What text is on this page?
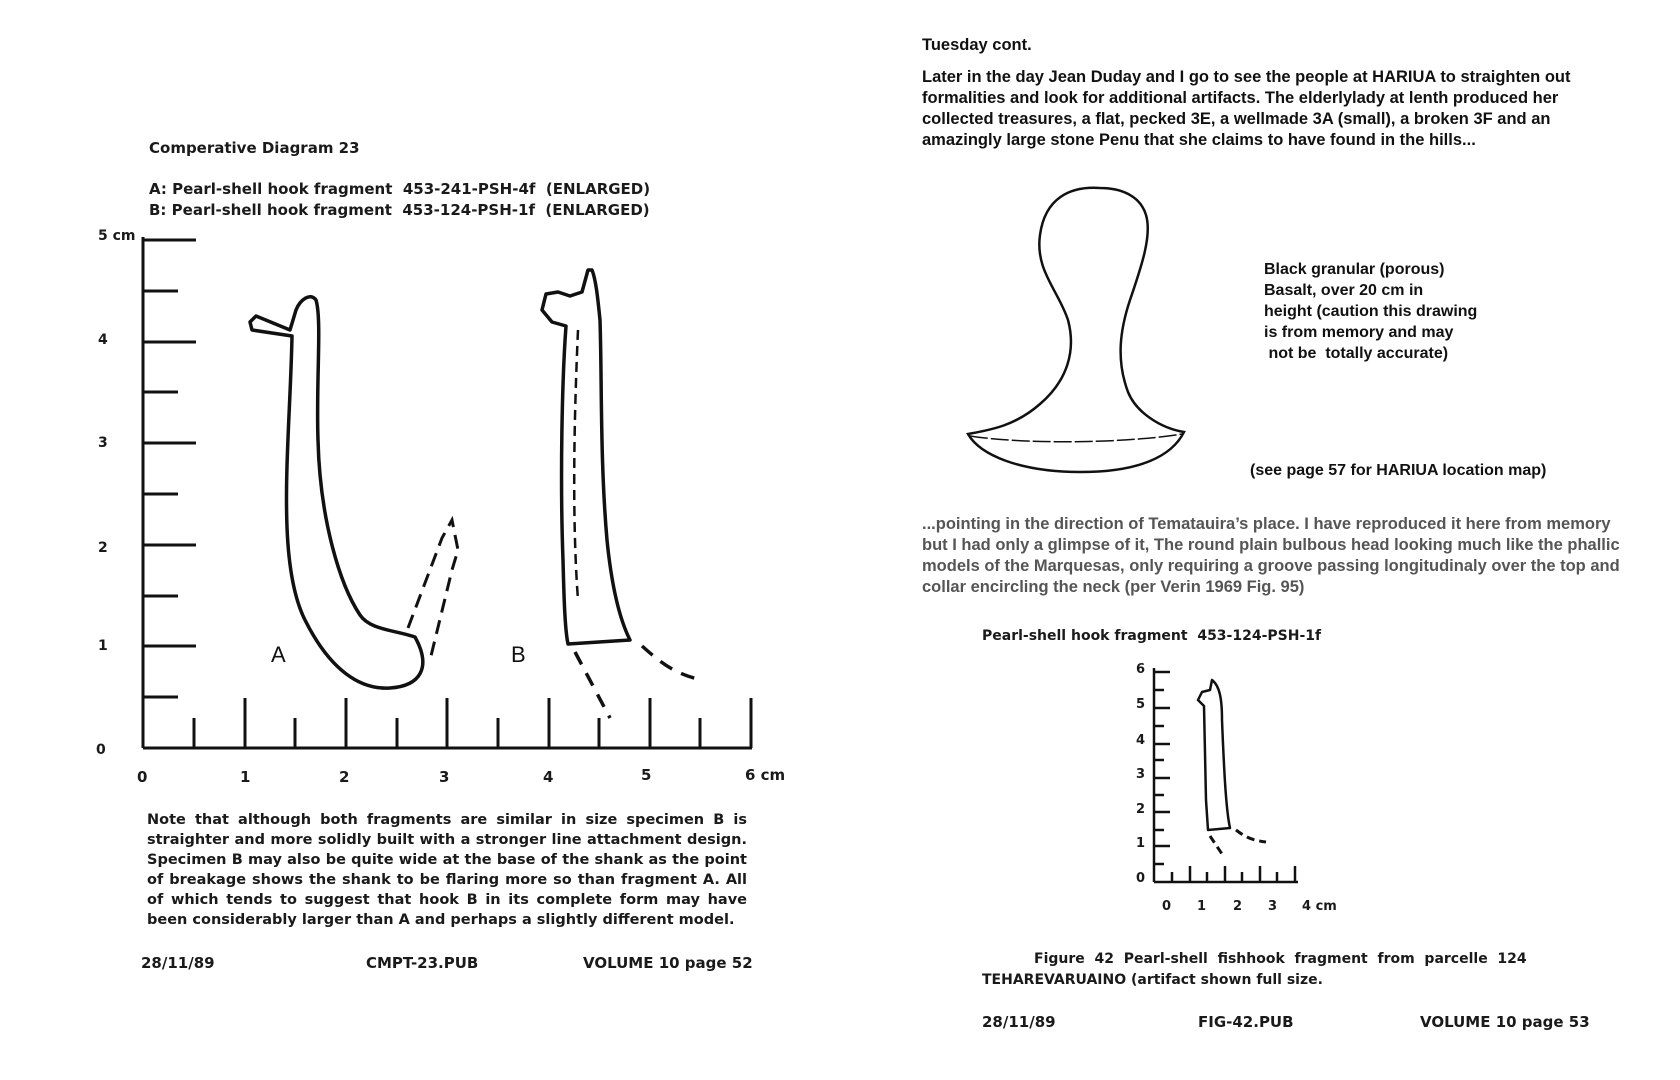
Comperative Diagram 23
A: Pearl-shell hook fragment  453-241-PSH-4f  (ENLARGED)
B: Pearl-shell hook fragment  453-124-PSH-1f  (ENLARGED)
5 cm
4
3
2
1
0
0	1	2	3	4	5	6 cm
A	B
Note that although both fragments are similar in size specimen B is straighter and more solidly built with a stronger line attachment design. Specimen B may also be quite wide at the base of the shank as the point of breakage shows the shank to be flaring more so than fragment A. All of which tends to suggest that hook B in its complete form may have been considerably larger than A and perhaps a slightly different model.
28/11/89	CMPT-23.PUB	VOLUME 10 page 52
Tuesday cont.
Later in the day Jean Duday and I go to see the people at HARIUA to straighten out formalities and look for additional artifacts. The elderlylady at lenth produced her collected treasures, a flat, pecked 3E, a wellmade 3A (small), a broken 3F and an amazingly large stone Penu that she claims to have found in the hills...
Black granular (porous)
Basalt, over 20 cm in
height (caution this drawing
is from memory and may
not be  totally accurate)
(see page 57 for HARIUA location map)
...pointing in the direction of Tematauira’s place. I have reproduced it here from memory but I had only a glimpse of it, The round plain bulbous head looking much like the phallic models of the Marquesas, only requiring a groove passing longitudinaly over the top and collar encircling the neck (per Verin 1969 Fig. 95)
Pearl-shell hook fragment  453-124-PSH-1f
6
5
4
3
2
1
0
0 1 2 3 4 cm
Figure  42  Pearl-shell  fishhook  fragment  from  parcelle  124
TEHAREVARUAINO (artifact shown full size.
28/11/89	FIG-42.PUB	VOLUME 10 page 53
